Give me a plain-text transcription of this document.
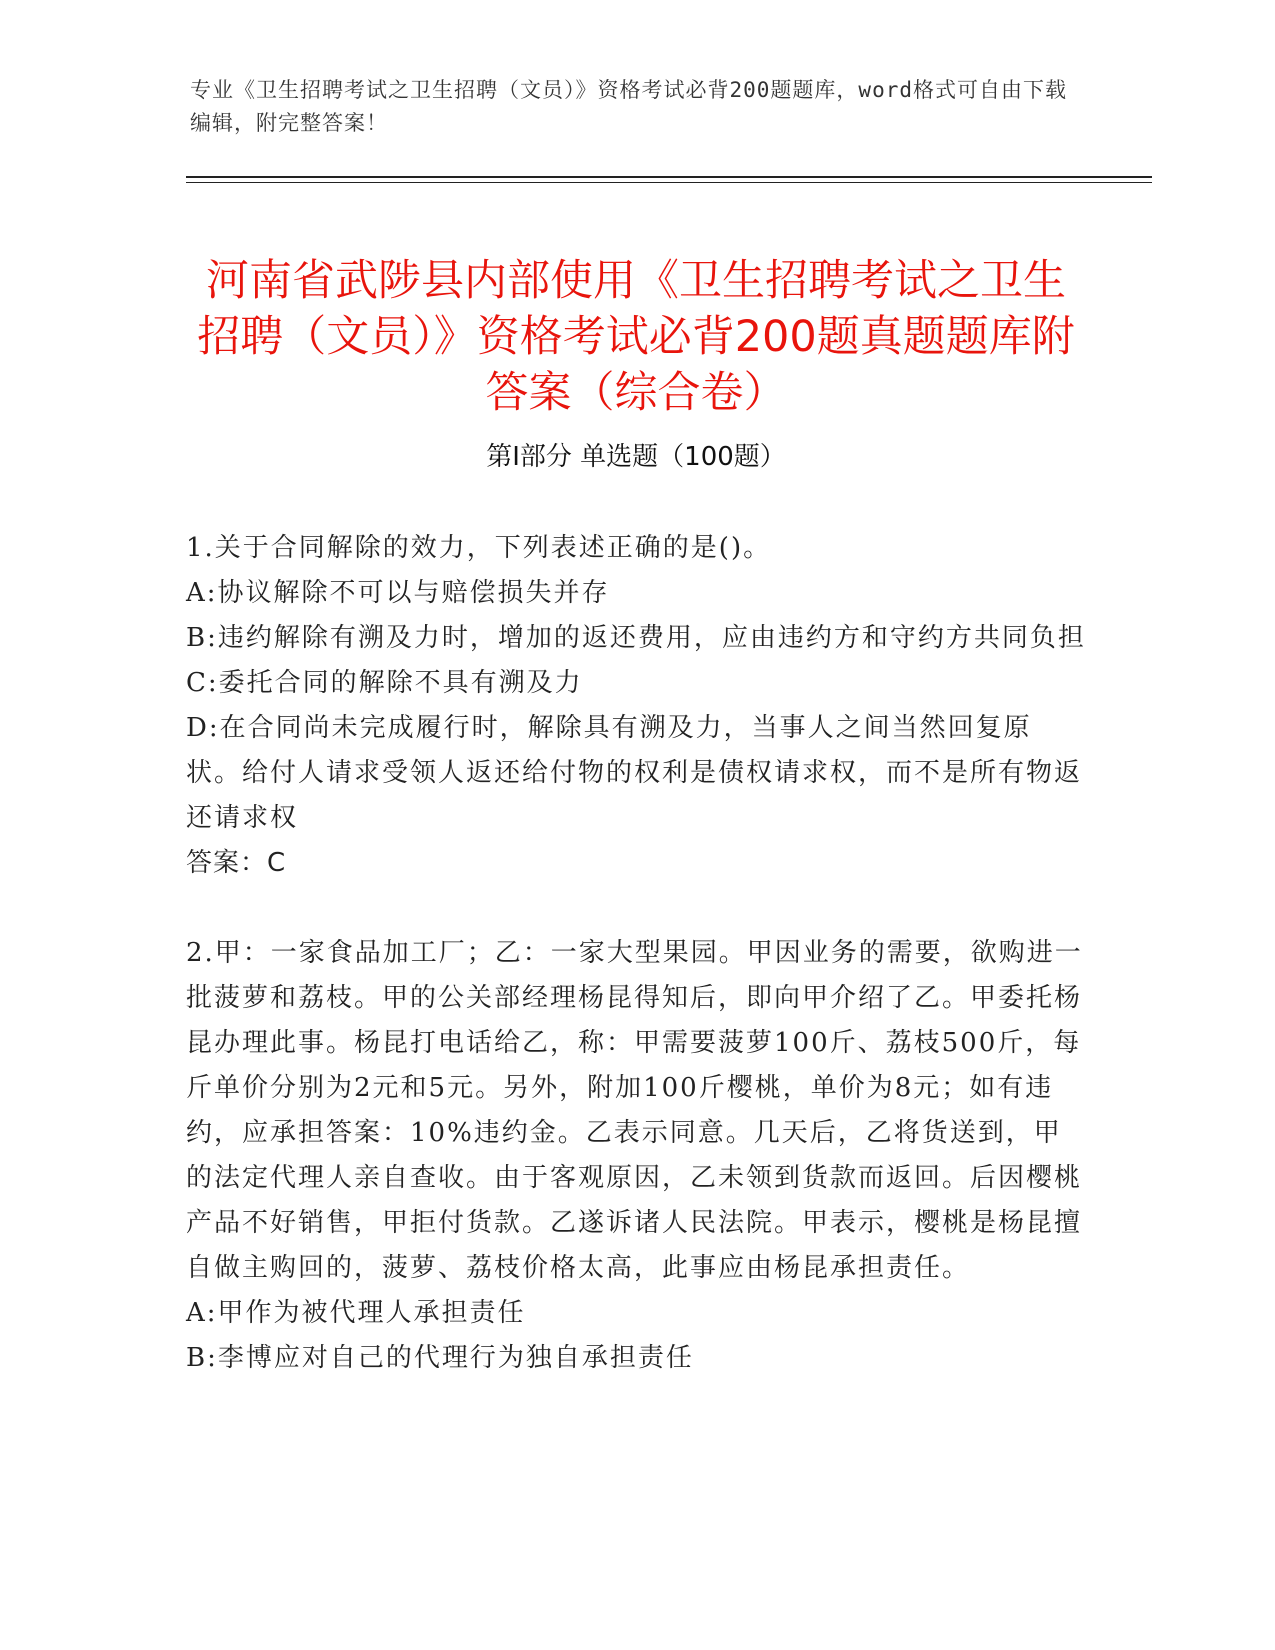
专业《卫生招聘考试之卫生招聘（文员）》资格考试必背200题题库，word格式可自由下载编辑，附完整答案！
河南省武陟县内部使用《卫生招聘考试之卫生招聘（文员）》资格考试必背200题真题题库附答案（综合卷）
第Ⅰ部分 单选题（100题）

1.关于合同解除的效力，下列表述正确的是()。

A:协议解除不可以与赔偿损失并存

B:违约解除有溯及力时，增加的返还费用，应由违约方和守约方共同负担

C:委托合同的解除不具有溯及力

D:在合同尚未完成履行时，解除具有溯及力，当事人之间当然回复原状。给付人请求受领人返还给付物的权利是债权请求权，而不是所有物返还请求权

答案：C

2.甲：一家食品加工厂；乙：一家大型果园。甲因业务的需要，欲购进一批菠萝和荔枝。甲的公关部经理杨昆得知后，即向甲介绍了乙。甲委托杨昆办理此事。杨昆打电话给乙，称：甲需要菠萝100斤、荔枝500斤，每斤单价分别为2元和5元。另外，附加100斤樱桃，单价为8元；如有违约，应承担答案：10%违约金。乙表示同意。几天后，乙将货送到，甲的法定代理人亲自查收。由于客观原因，乙未领到货款而返回。后因樱桃产品不好销售，甲拒付货款。乙遂诉诸人民法院。甲表示，樱桃是杨昆擅自做主购回的，菠萝、荔枝价格太高，此事应由杨昆承担责任。

A:甲作为被代理人承担责任

B:李博应对自己的代理行为独自承担责任
